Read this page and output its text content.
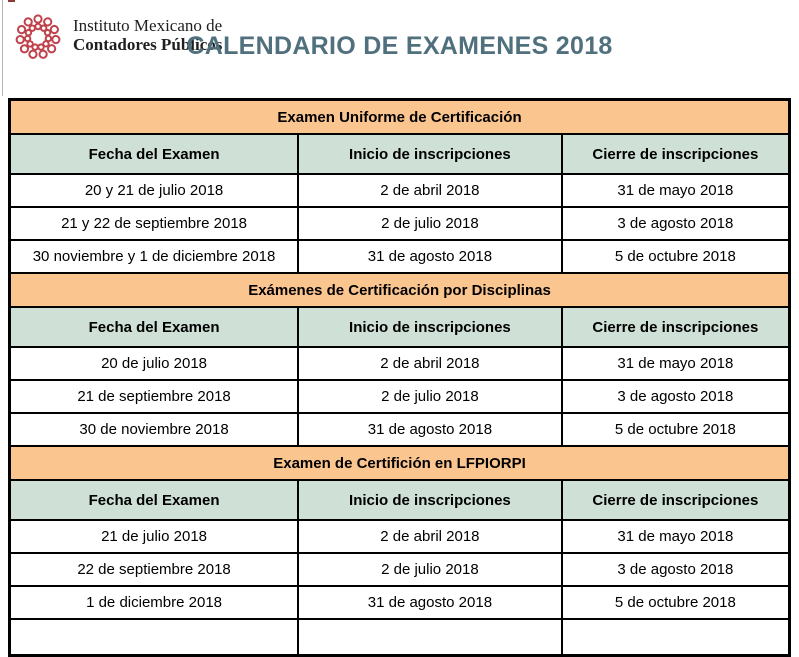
Instituto Mexicano de
Contadores Públicos
CALENDARIO DE EXAMENES 2018
Examen Uniforme de Certificación		
Fecha del Examen	Inicio de inscripciones	Cierre de inscripciones
20 y 21 de julio 2018	2 de abril 2018	31 de mayo 2018
21 y 22 de septiembre 2018	2 de julio 2018	3 de agosto 2018
30 noviembre y 1 de diciembre 2018	31 de agosto 2018	5 de octubre 2018
Exámenes de Certificación por Disciplinas		
Fecha del Examen	Inicio de inscripciones	Cierre de inscripciones
20 de julio 2018	2 de abril 2018	31 de mayo 2018
21 de septiembre 2018	2 de julio 2018	3 de agosto 2018
30 de noviembre 2018	31 de agosto 2018	5 de octubre 2018
Examen de Certifición en LFPIORPI		
Fecha del Examen	Inicio de inscripciones	Cierre de inscripciones
21 de julio 2018	2 de abril 2018	31 de mayo 2018
22 de septiembre 2018	2 de julio 2018	3 de agosto 2018
1 de diciembre 2018	31 de agosto 2018	5 de octubre 2018
